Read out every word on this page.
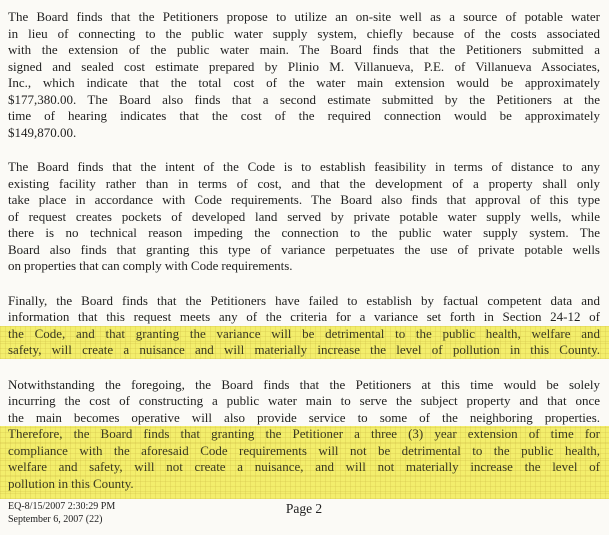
The Board finds that the Petitioners propose to utilize an on-site well as a source of potable water
in lieu of connecting to the public water supply system, chiefly because of the costs associated
with the extension of the public water main. The Board finds that the Petitioners submitted a
signed and sealed cost estimate prepared by Plinio M. Villanueva, P.E. of Villanueva Associates,
Inc., which indicate that the total cost of the water main extension would be approximately
$177,380.00. The Board also finds that a second estimate submitted by the Petitioners at the
time of hearing indicates that the cost of the required connection would be approximately
$149,870.00.
The Board finds that the intent of the Code is to establish feasibility in terms of distance to any
existing facility rather than in terms of cost, and that the development of a property shall only
take place in accordance with Code requirements. The Board also finds that approval of this type
of request creates pockets of developed land served by private potable water supply wells, while
there is no technical reason impeding the connection to the public water supply system. The
Board also finds that granting this type of variance perpetuates the use of private potable wells
on properties that can comply with Code requirements.
Finally, the Board finds that the Petitioners have failed to establish by factual competent data and
information that this request meets any of the criteria for a variance set forth in Section 24-12 of
the Code, and that granting the variance will be detrimental to the public health, welfare and
safety, will create a nuisance and will materially increase the level of pollution in this County.
Notwithstanding the foregoing, the Board finds that the Petitioners at this time would be solely
incurring the cost of constructing a public water main to serve the subject property and that once
the main becomes operative will also provide service to some of the neighboring properties.
Therefore, the Board finds that granting the Petitioner a three (3) year extension of time for
compliance with the aforesaid Code requirements will not be detrimental to the public health,
welfare and safety, will not create a nuisance, and will not materially increase the level of
pollution in this County.
EQ-8/15/2007 2:30:29 PM
September 6, 2007 (22)
Page 2
